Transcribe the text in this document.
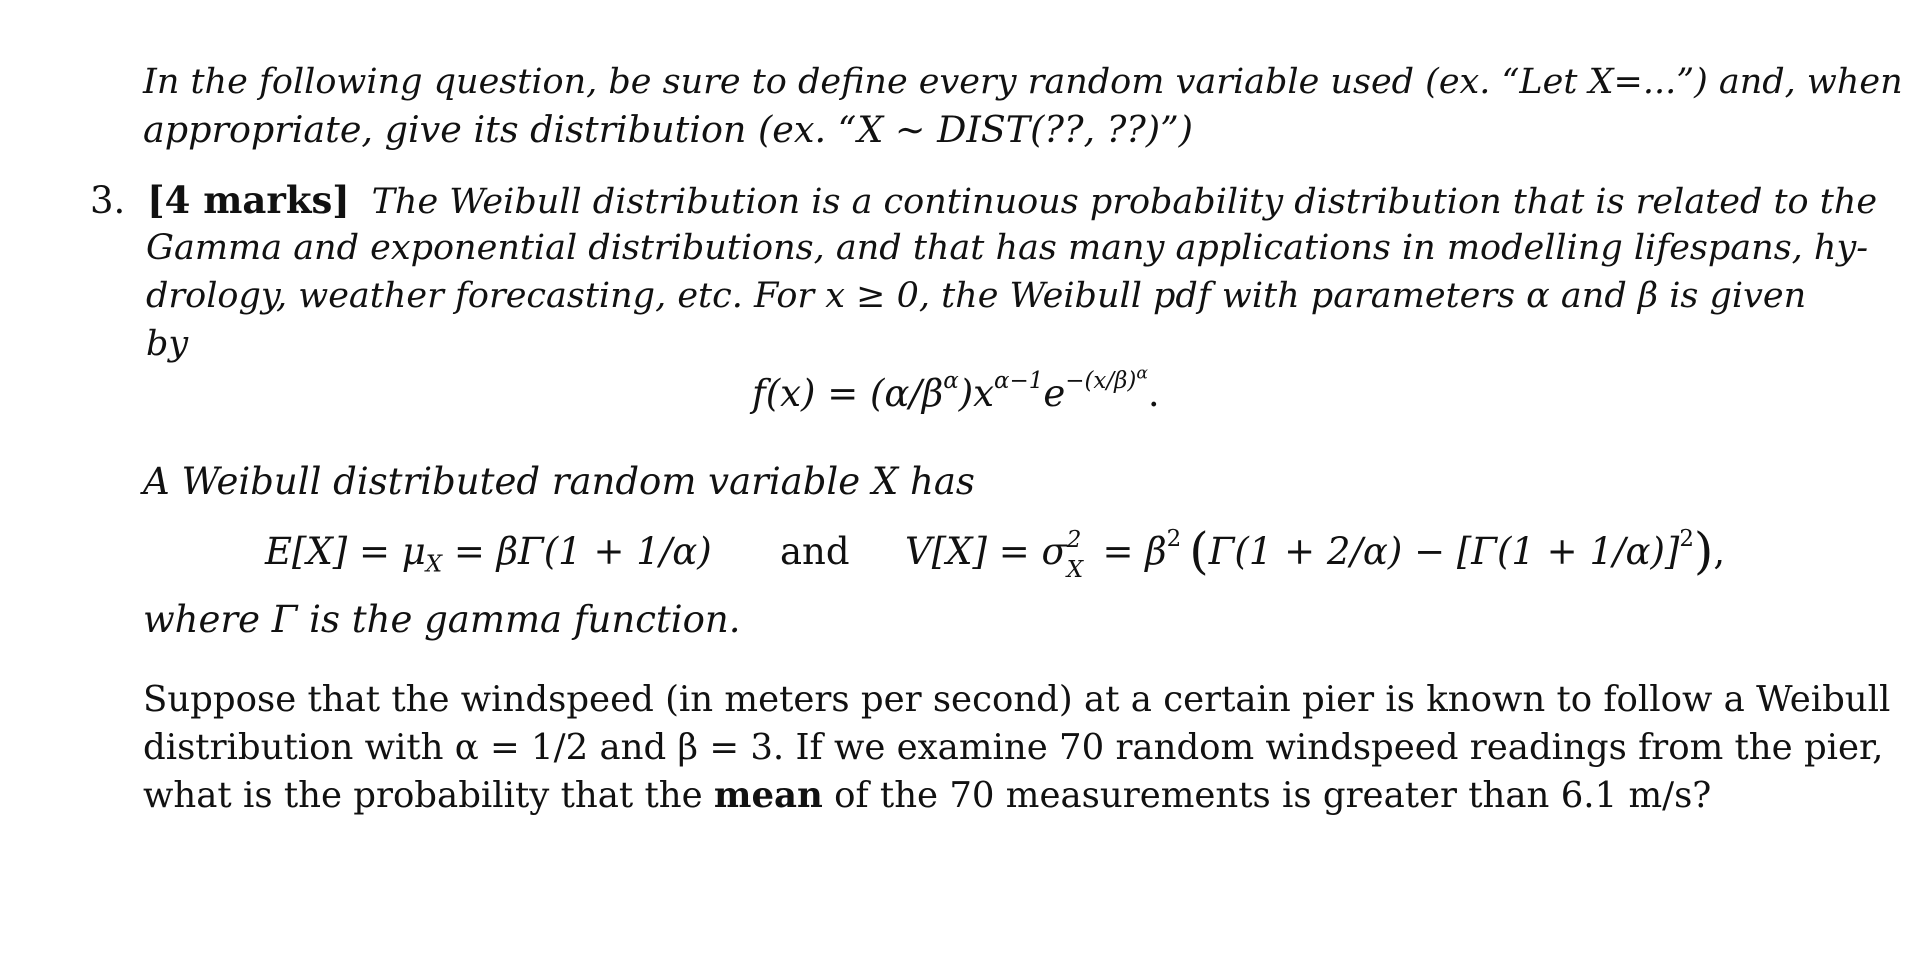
In the following question, be sure to define every random variable used (ex. “Let X=...”) and, when
appropriate, give its distribution (ex. “X ∼ DIST(??, ??)”)
3. [4 marks] The Weibull distribution is a continuous probability distribution that is related to the
Gamma and exponential distributions, and that has many applications in modelling lifespans, hy-
drology, weather forecasting, etc. For x ≥ 0, the Weibull pdf with parameters α and β is given
by
$f(x) = (\alpha/\beta^\alpha)x^{\alpha-1}e^{-(x/\beta)^\alpha}$.
A Weibull distributed random variable X has
$E[X] = \mu_X = \beta\Gamma(1 + 1/\alpha)$ and V[X] = σ 2
$X = \beta^2$ $(\Gamma(1 + 2/\alpha) - [\Gamma(1 + 1/\alpha)]^2)$,
where Γ is the gamma function.
Suppose that the windspeed (in meters per second) at a certain pier is known to follow a Weibull
distribution with α = 1/2 and β = 3. If we examine 70 random windspeed readings from the pier,
what is the probability that the mean of the 70 measurements is greater than 6.1 m/s?
